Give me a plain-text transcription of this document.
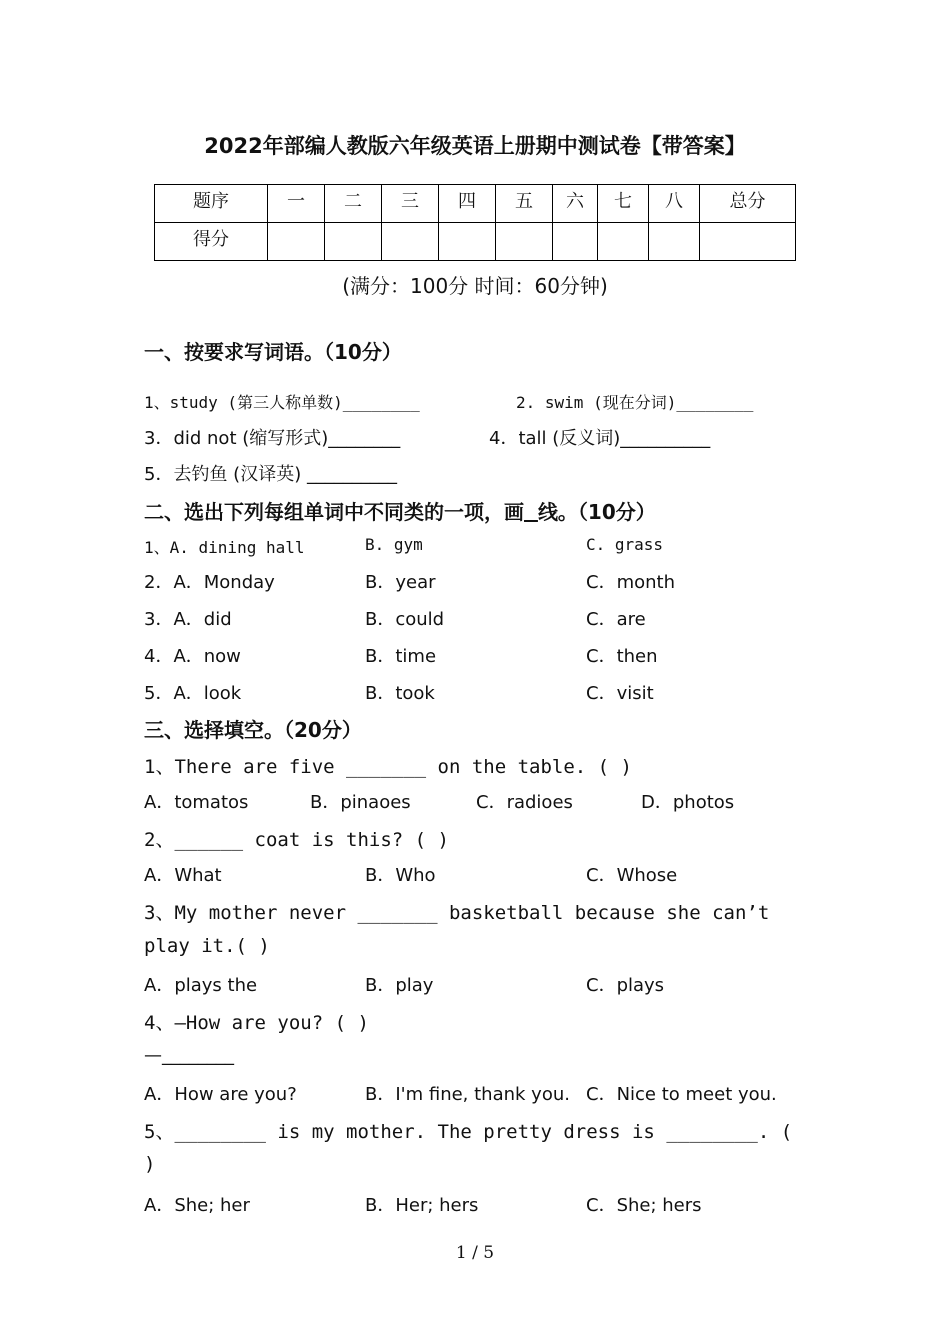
2022年部编人教版六年级英语上册期中测试卷【带答案】
题序	一	二	三	四	五	六	七	八	总分
得分									
(满分：100分 时间：60分钟)
一、按要求写词语。（10分）
1、study (第三人称单数)________	2. swim (现在分词)________
3．did not (缩写形式)________	4．tall (反义词)__________
5．去钓鱼 (汉译英) __________
二、选出下列每组单词中不同类的一项，画 线。（10分）
1、A. dining hall	B. gym	C. grass
2．A．Monday	B．year	C．month
3．A．did	B．could	C．are
4．A．now	B．time	C．then
5．A．look	B．took	C．visit
三、选择填空。（20分）
1、There are five _______ on the table. ( )
A．tomatos	B．pinaoes	C．radioes	D．photos
2、______ coat is this? ( )
A．What	B．Who	C．Whose
3、My mother never _______ basketball because she can’t
play it.( )
A．plays the	B．play	C．plays
4、—How are you? ( )
—________
A．How are you?	B．I'm fine, thank you. C．Nice to meet you.
5、________ is my mother. The pretty dress is ________. (
)
A．She; her	B．Her; hers	C．She; hers
1 / 5
